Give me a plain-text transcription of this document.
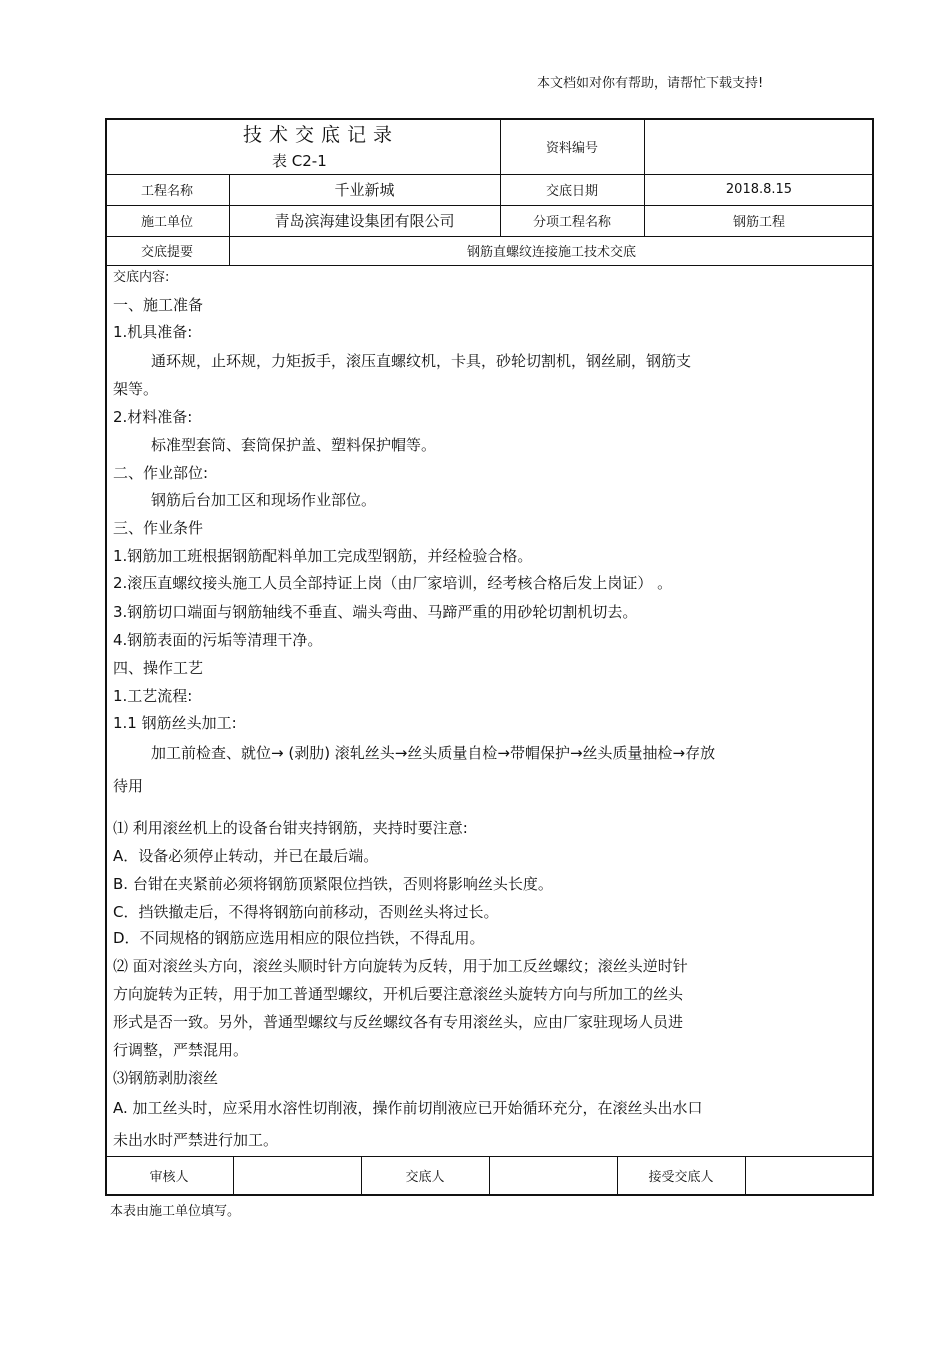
本文档如对你有帮助，请帮忙下载支持!
技术交底记录
表 C2-1
资料编号
工程名称	千业新城	交底日期	2018.8.15
施工单位	青岛滨海建设集团有限公司	分项工程名称	钢筋工程
交底提要	钢筋直螺纹连接施工技术交底
交底内容:
一、施工准备
1.机具准备:
通环规，止环规，力矩扳手，滚压直螺纹机，卡具，砂轮切割机，钢丝刷，钢筋支
架等。
2.材料准备:
标准型套筒、套筒保护盖、塑料保护帽等。
二、作业部位:
钢筋后台加工区和现场作业部位。
三、作业条件
1.钢筋加工班根据钢筋配料单加工完成型钢筋，并经检验合格。
2.滚压直螺纹接头施工人员全部持证上岗（由厂家培训，经考核合格后发上岗证） 。
3.钢筋切口端面与钢筋轴线不垂直、端头弯曲、马蹄严重的用砂轮切割机切去。
4.钢筋表面的污垢等清理干净。
四、操作工艺
1.工艺流程:
1.1 钢筋丝头加工:
加工前检查、就位→ (剥肋) 滚轧丝头→丝头质量自检→带帽保护→丝头质量抽检→存放
待用
⑴ 利用滚丝机上的设备台钳夹持钢筋，夹持时要注意:
A．设备必须停止转动，并已在最后端。
B. 台钳在夹紧前必须将钢筋顶紧限位挡铁，否则将影响丝头长度。
C．挡铁撤走后，不得将钢筋向前移动，否则丝头将过长。
D．不同规格的钢筋应选用相应的限位挡铁，不得乱用。
⑵ 面对滚丝头方向，滚丝头顺时针方向旋转为反转，用于加工反丝螺纹；滚丝头逆时针
方向旋转为正转，用于加工普通型螺纹，开机后要注意滚丝头旋转方向与所加工的丝头
形式是否一致。另外，普通型螺纹与反丝螺纹各有专用滚丝头，应由厂家驻现场人员进
行调整，严禁混用。
⑶钢筋剥肋滚丝
A. 加工丝头时，应采用水溶性切削液，操作前切削液应已开始循环充分，在滚丝头出水口
未出水时严禁进行加工。
审核人	交底人	接受交底人
本表由施工单位填写。
